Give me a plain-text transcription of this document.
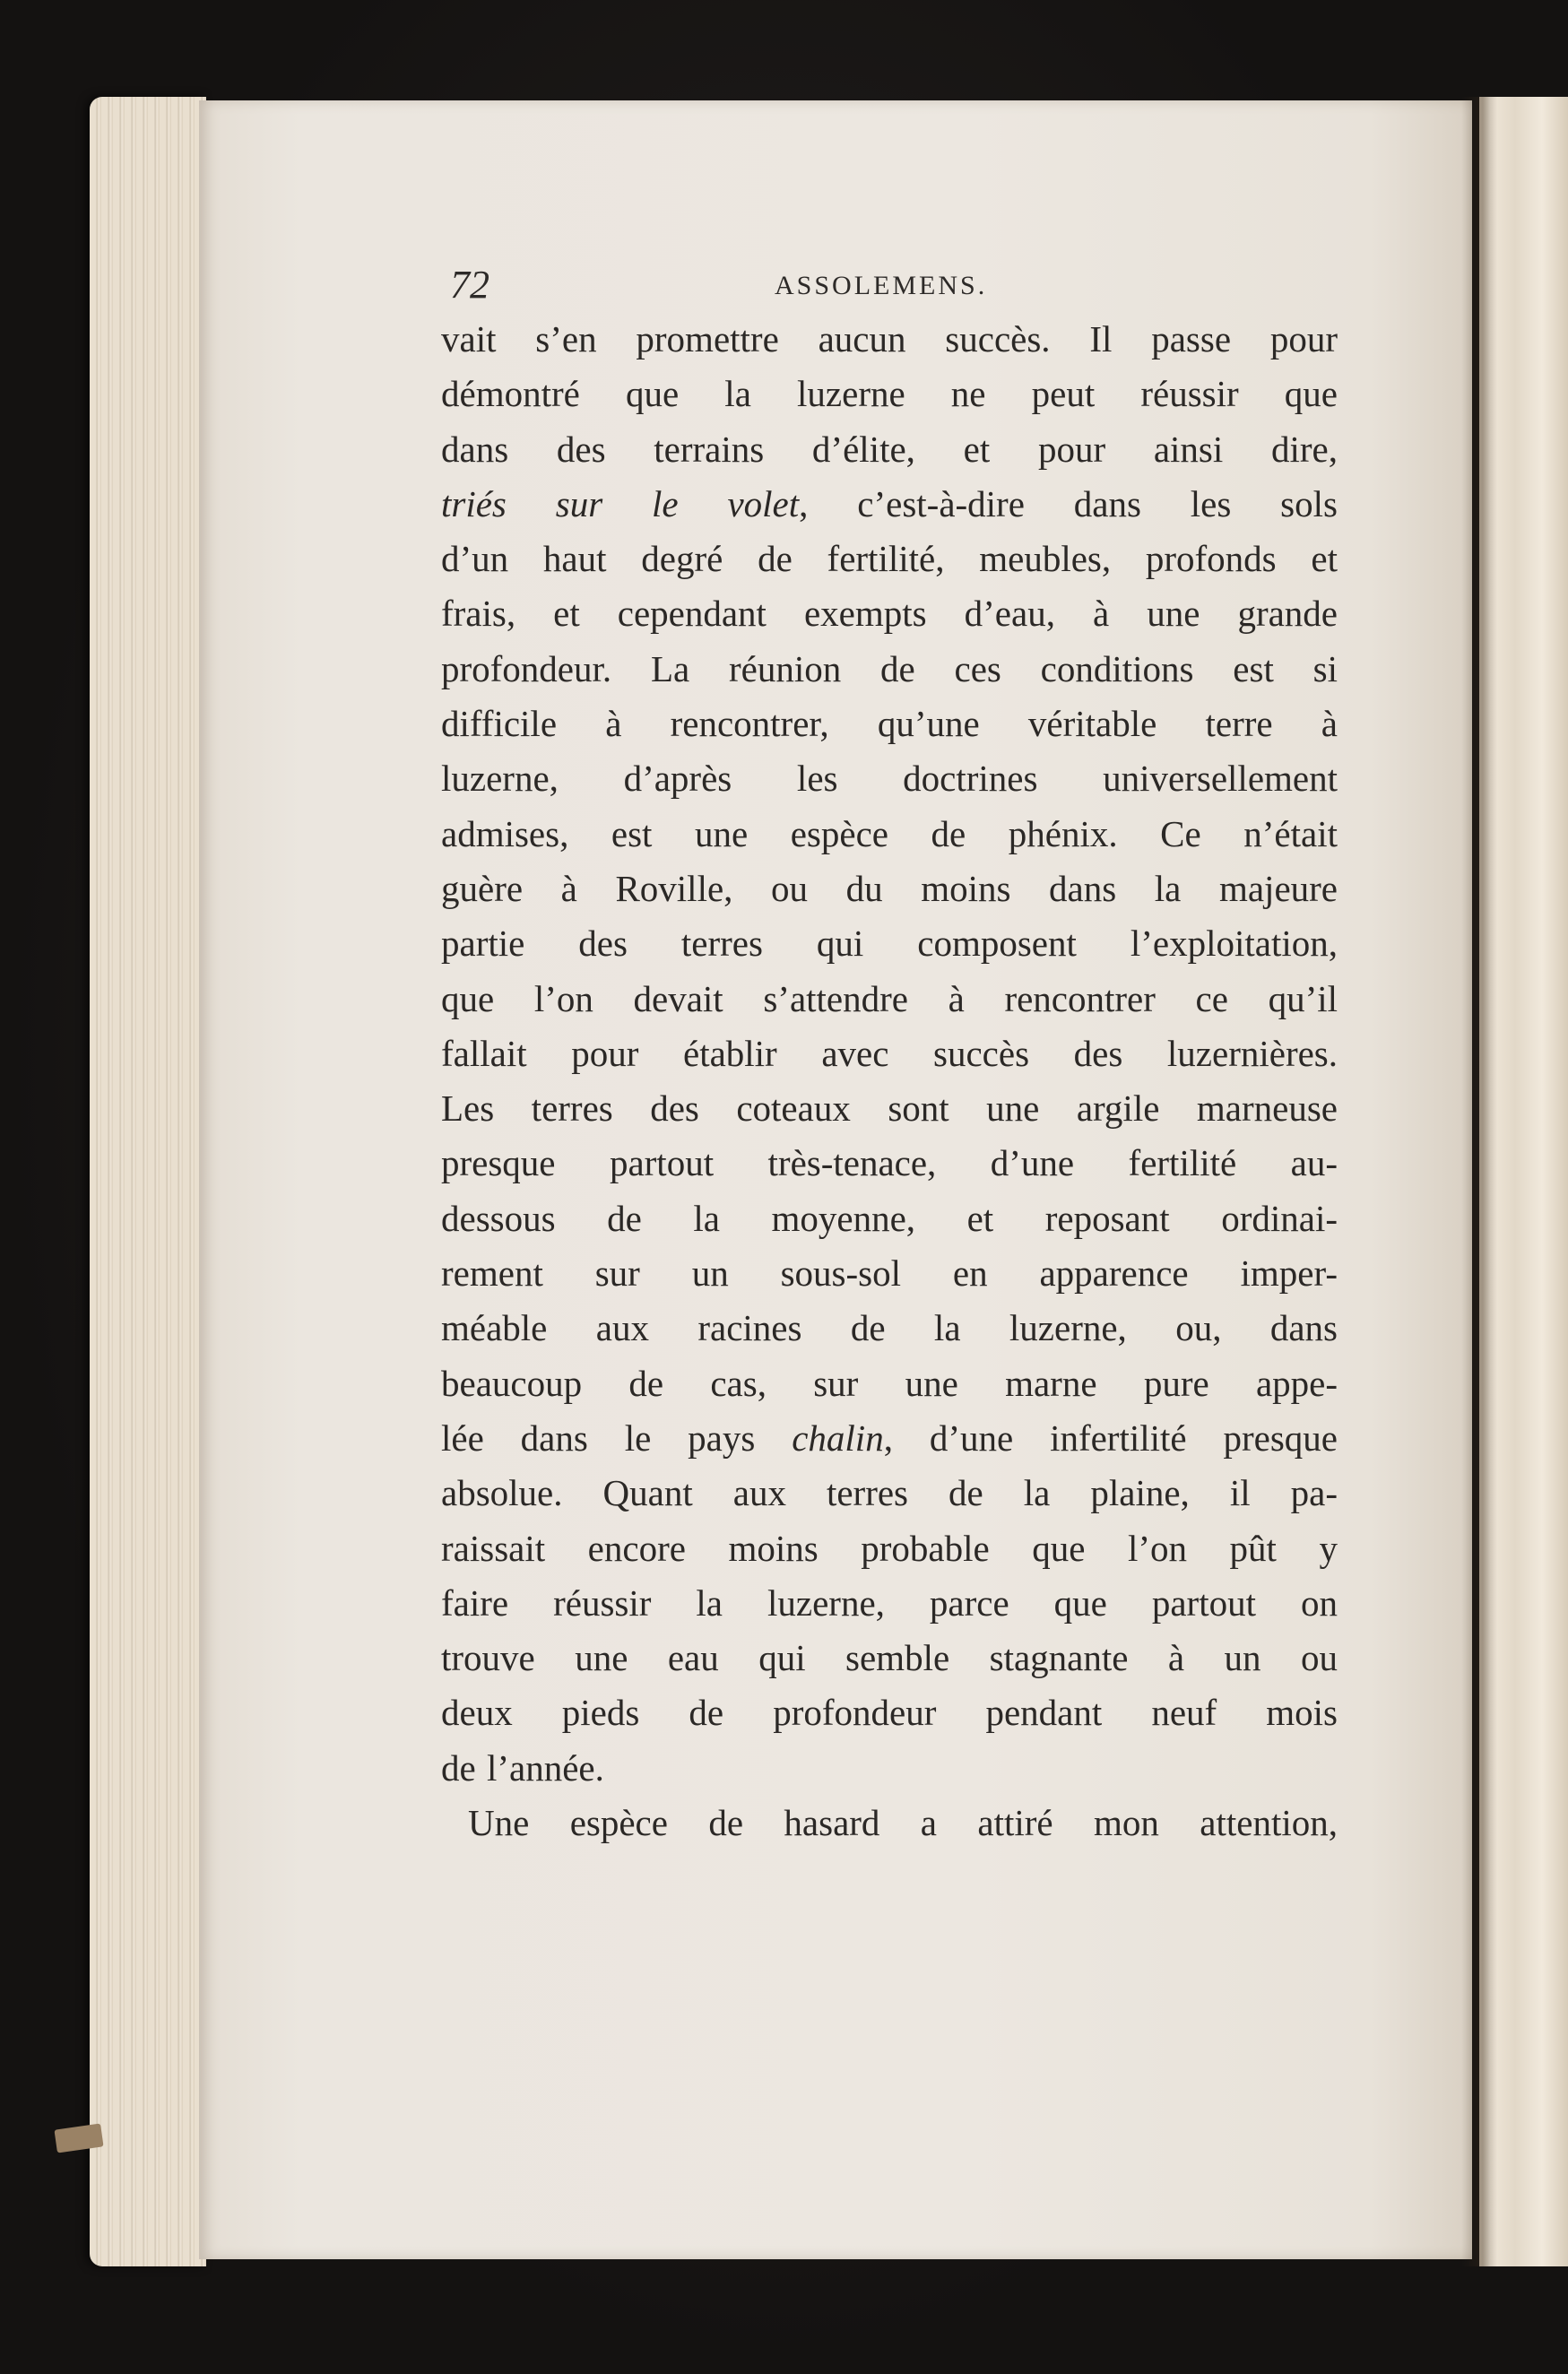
72	ASSOLEMENS.
vait s’en promettre aucun succès. Il passe pour
démontré que la luzerne ne peut réussir que
dans des terrains d’élite, et pour ainsi dire,
triés sur le volet, c’est-à-dire dans les sols
d’un haut degré de fertilité, meubles, profonds et
frais, et cependant exempts d’eau, à une grande
profondeur. La réunion de ces conditions est si
difficile à rencontrer, qu’une véritable terre à
luzerne, d’après les doctrines universellement
admises, est une espèce de phénix. Ce n’était
guère à Roville, ou du moins dans la majeure
partie des terres qui composent l’exploitation,
que l’on devait s’attendre à rencontrer ce qu’il
fallait pour établir avec succès des luzernières.
Les terres des coteaux sont une argile marneuse
presque partout très-tenace, d’une fertilité au-
dessous de la moyenne, et reposant ordinai-
rement sur un sous-sol en apparence imper-
méable aux racines de la luzerne, ou, dans
beaucoup de cas, sur une marne pure appe-
lée dans le pays chalin, d’une infertilité presque
absolue. Quant aux terres de la plaine, il pa-
raissait encore moins probable que l’on pût y
faire réussir la luzerne, parce que partout on
trouve une eau qui semble stagnante à un ou
deux pieds de profondeur pendant neuf mois
de l’année.
Une espèce de hasard a attiré mon attention,
